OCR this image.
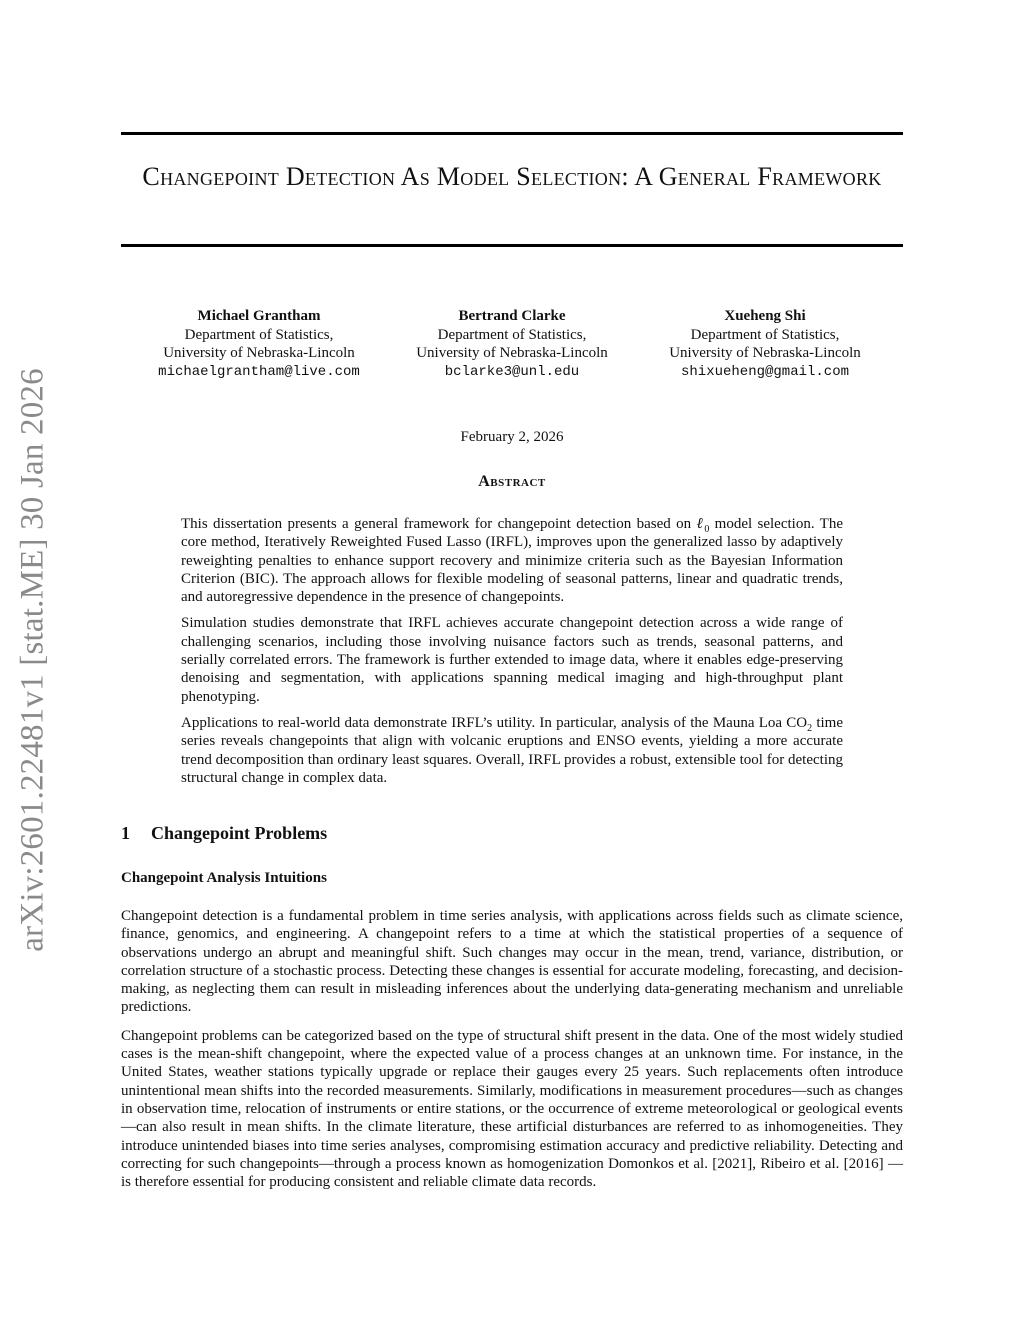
arXiv:2601.22481v1 [stat.ME] 30 Jan 2026
Changepoint Detection As Model Selection: A General Framework
Michael Grantham
Department of Statistics,
University of Nebraska-Lincoln
michaelgrantham@live.com
Bertrand Clarke
Department of Statistics,
University of Nebraska-Lincoln
bclarke3@unl.edu
Xueheng Shi
Department of Statistics,
University of Nebraska-Lincoln
shixueheng@gmail.com
February 2, 2026
Abstract

This dissertation presents a general framework for changepoint detection based on ℓ$_0$ model selection. The core method, Iteratively Reweighted Fused Lasso (IRFL), improves upon the generalized lasso by adaptively reweighting penalties to enhance support recovery and minimize criteria such as the Bayesian Information Criterion (BIC). The approach allows for flexible modeling of seasonal patterns, linear and quadratic trends, and autoregressive dependence in the presence of changepoints.

Simulation studies demonstrate that IRFL achieves accurate changepoint detection across a wide range of challenging scenarios, including those involving nuisance factors such as trends, seasonal patterns, and serially correlated errors. The framework is further extended to image data, where it enables edge-preserving denoising and segmentation, with applications spanning medical imaging and high-throughput plant phenotyping.

Applications to real-world data demonstrate IRFL’s utility. In particular, analysis of the Mauna Loa $CO_2$ time series reveals changepoints that align with volcanic eruptions and ENSO events, yielding a more accurate trend decomposition than ordinary least squares. Overall, IRFL provides a robust, extensible tool for detecting structural change in complex data.

1 Changepoint Problems
Changepoint Analysis Intuitions

Changepoint detection is a fundamental problem in time series analysis, with applications across fields such as climate science, finance, genomics, and engineering. A changepoint refers to a time at which the statistical properties of a sequence of observations undergo an abrupt and meaningful shift. Such changes may occur in the mean, trend, variance, distribution, or correlation structure of a stochastic process. Detecting these changes is essential for accurate modeling, forecasting, and decision-making, as neglecting them can result in misleading inferences about the underlying data-generating mechanism and unreliable predictions.

Changepoint problems can be categorized based on the type of structural shift present in the data. One of the most widely studied cases is the mean-shift changepoint, where the expected value of a process changes at an unknown time. For instance, in the United States, weather stations typically upgrade or replace their gauges every 25 years. Such replacements often introduce unintentional mean shifts into the recorded measurements. Similarly, modifications in measurement procedures—such as changes in observation time, relocation of instruments or entire stations, or the occurrence of extreme meteorological or geological events—can also result in mean shifts. In the climate literature, these artificial disturbances are referred to as inhomogeneities. They introduce unintended biases into time series analyses, compromising estimation accuracy and predictive reliability. Detecting and correcting for such changepoints—through a process known as homogenization Domonkos et al. [2021], Ribeiro et al. [2016] — is therefore essential for producing consistent and reliable climate data records.
